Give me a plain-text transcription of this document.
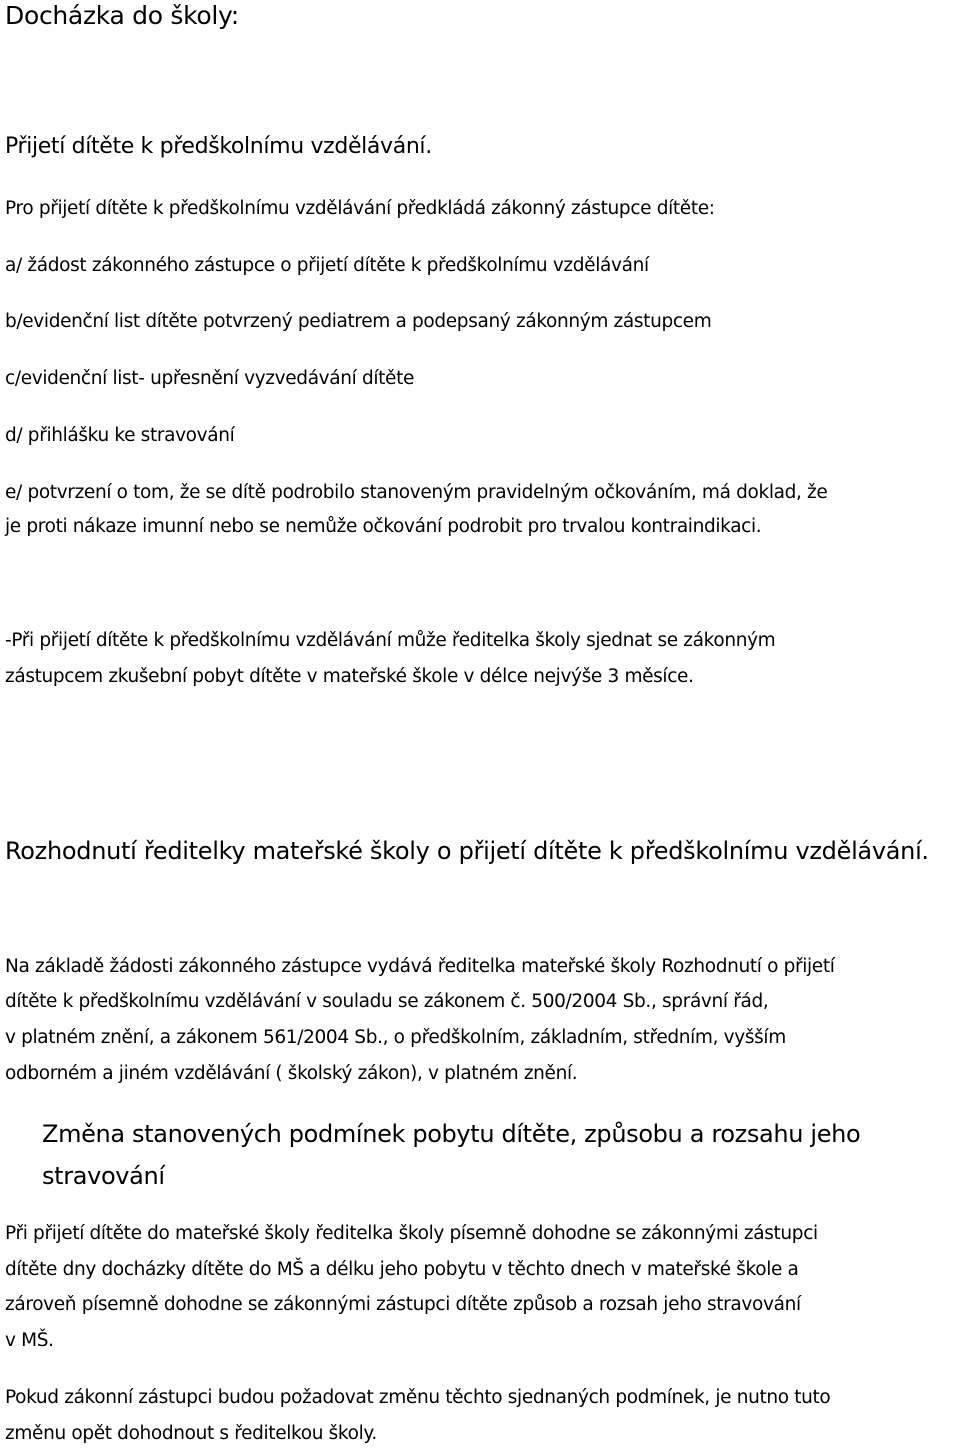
Docházka do školy:

Přijetí dítěte k předškolnímu vzdělávání.

Pro přijetí dítěte k předškolnímu vzdělávání předkládá zákonný zástupce dítěte:

a/ žádost zákonného zástupce o přijetí dítěte k předškolnímu vzdělávání

b/evidenční list dítěte potvrzený pediatrem a podepsaný zákonným zástupcem

c/evidenční list- upřesnění vyzvedávání dítěte

d/ přihlášku ke stravování

e/ potvrzení o tom, že se dítě podrobilo stanoveným pravidelným očkováním, má doklad, že

je proti nákaze imunní nebo se nemůže očkování podrobit pro trvalou kontraindikaci.

-Při přijetí dítěte k předškolnímu vzdělávání může ředitelka školy sjednat se zákonným

zástupcem zkušební pobyt dítěte v mateřské škole v délce nejvýše 3 měsíce.

Rozhodnutí ředitelky mateřské školy o přijetí dítěte k předškolnímu vzdělávání.

Na základě žádosti zákonného zástupce vydává ředitelka mateřské školy Rozhodnutí o přijetí

dítěte k předškolnímu vzdělávání v souladu se zákonem č. 500/2004 Sb., správní řád,

v platném znění, a zákonem 561/2004 Sb., o předškolním, základním, středním, vyšším

odborném a jiném vzdělávání ( školský zákon), v platném znění.

Změna stanovených podmínek pobytu dítěte, způsobu a rozsahu jeho

stravování

Při přijetí dítěte do mateřské školy ředitelka školy písemně dohodne se zákonnými zástupci

dítěte dny docházky dítěte do MŠ a délku jeho pobytu v těchto dnech v mateřské škole a

zároveň písemně dohodne se zákonnými zástupci dítěte způsob a rozsah jeho stravování

v MŠ.

Pokud zákonní zástupci budou požadovat změnu těchto sjednaných podmínek, je nutno tuto

změnu opět dohodnout s ředitelkou školy.
